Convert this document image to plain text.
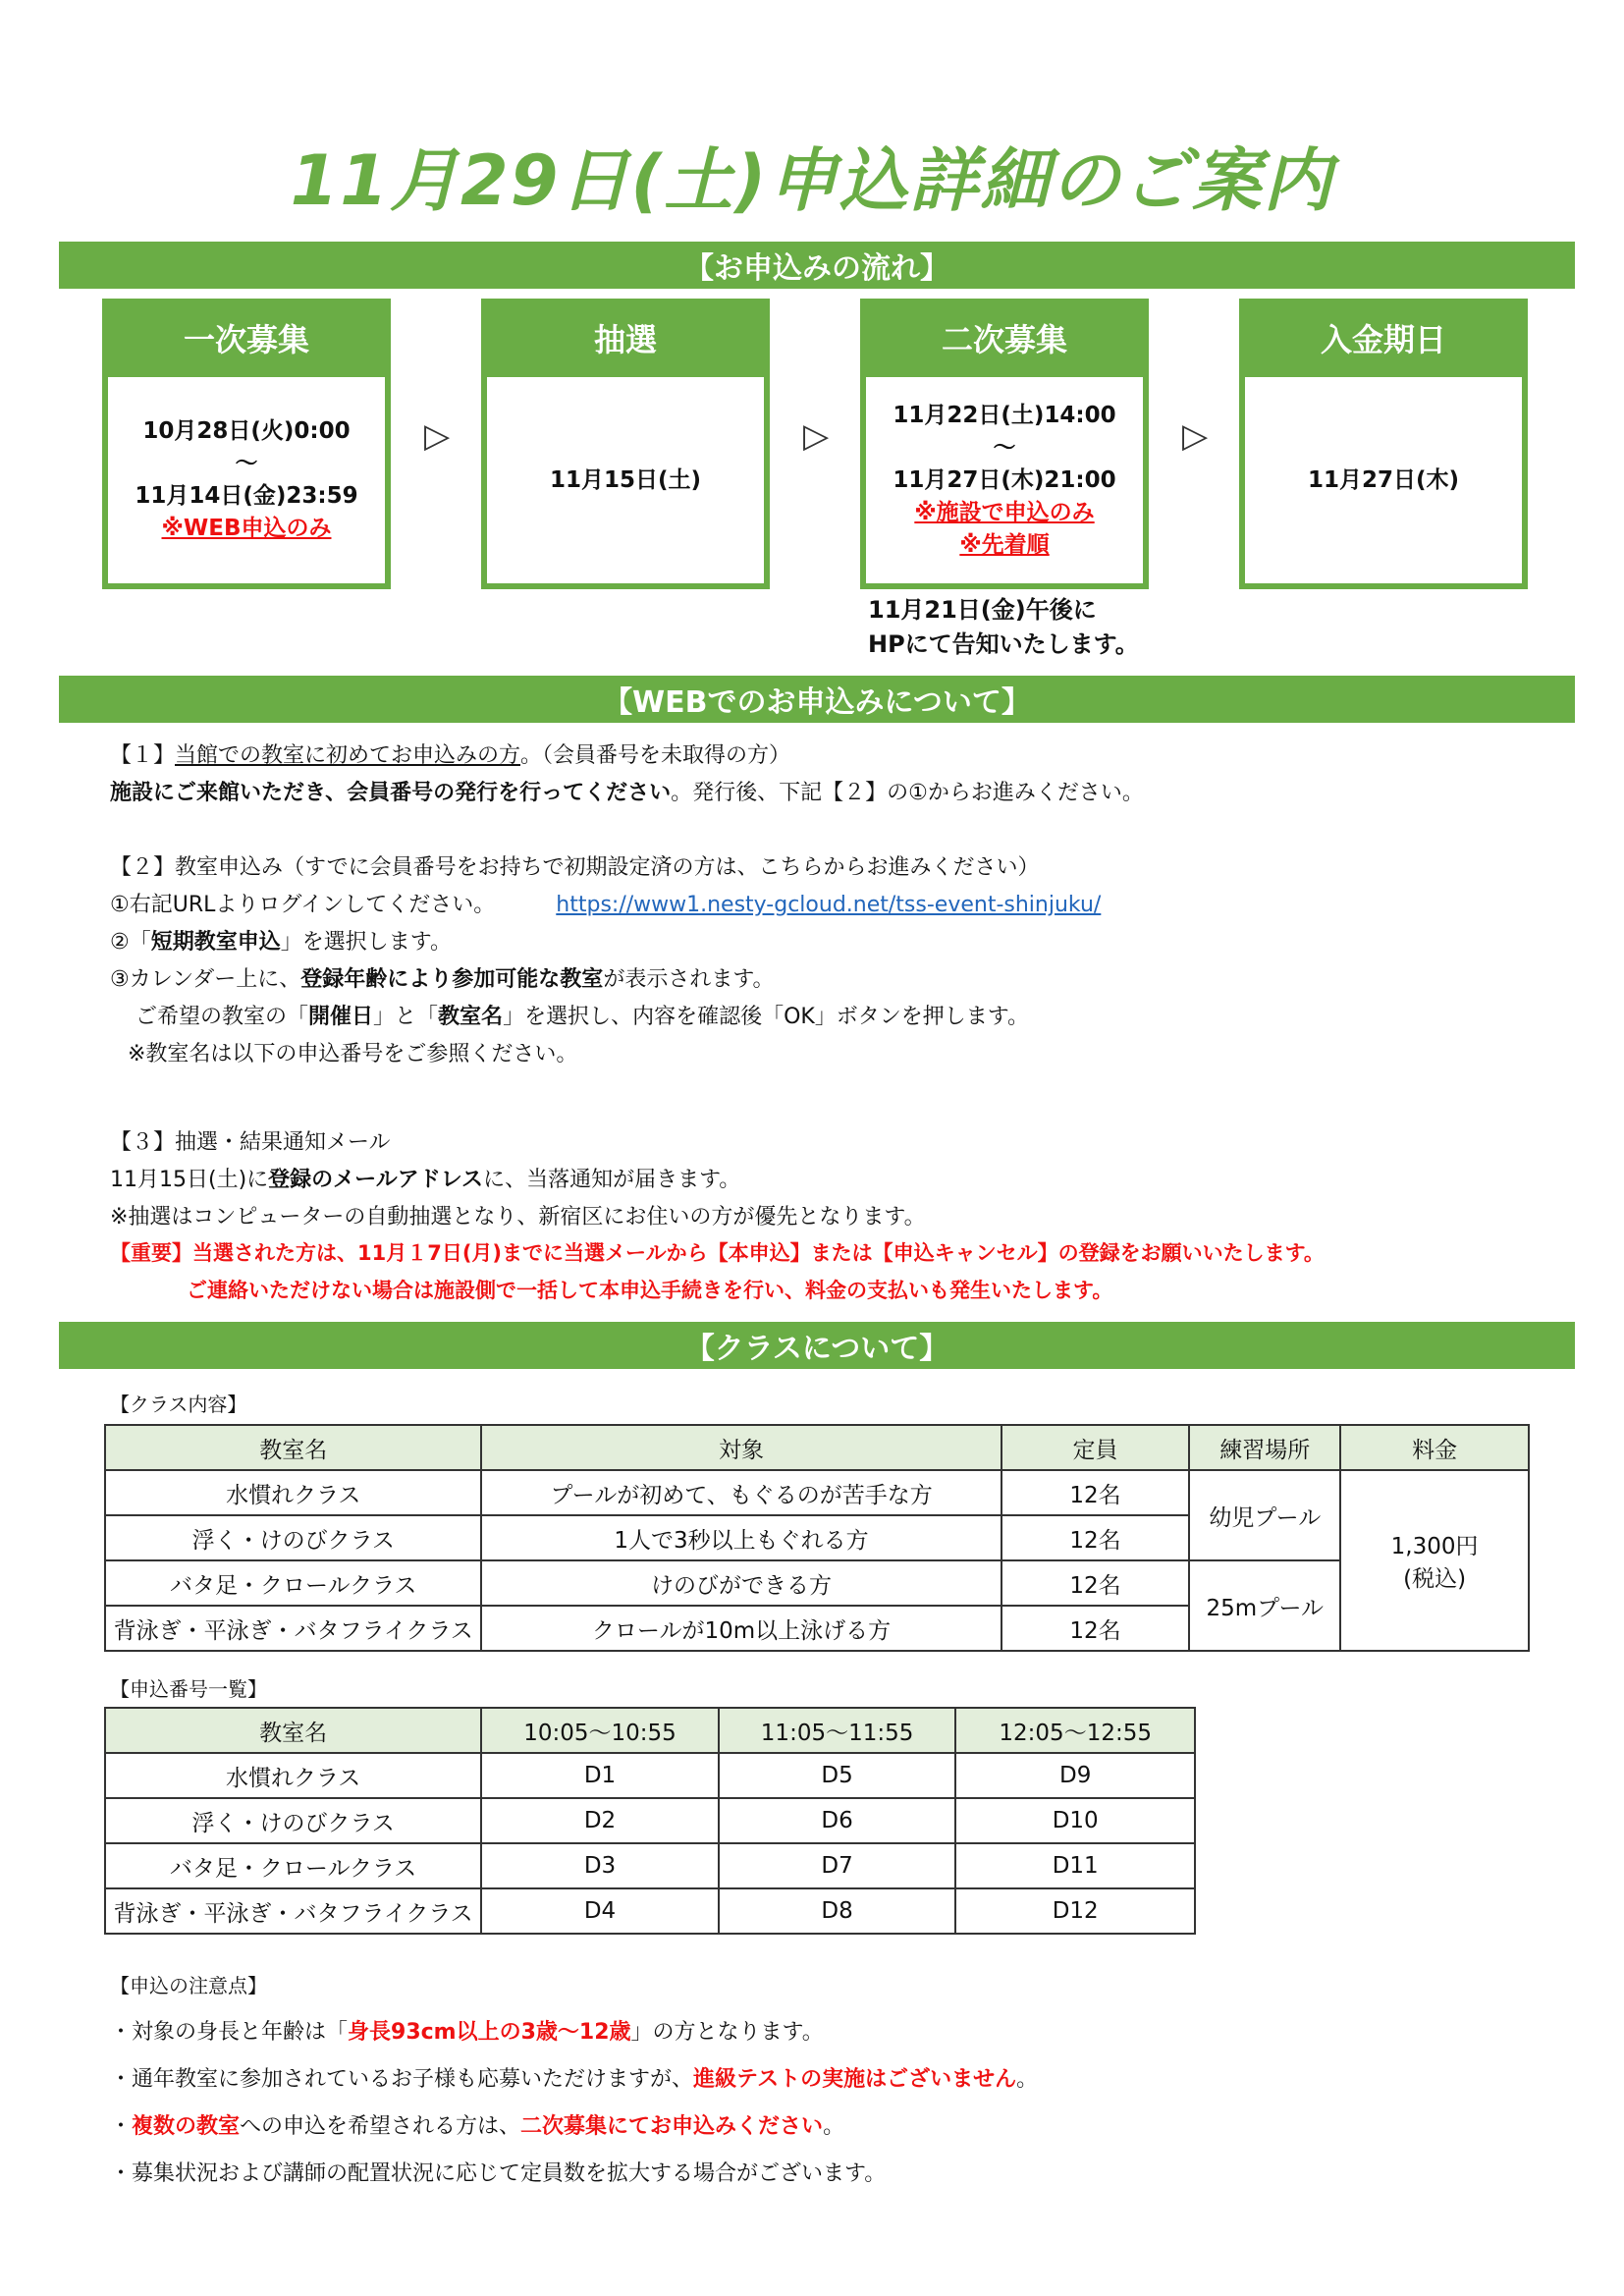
11月29日(土)申込詳細のご案内
【お申込みの流れ】
一次募集
10月28日(火)0:00
～
11月14日(金)23:59
※WEB申込のみ
▷
抽選
11月15日(土)
▷
二次募集
11月22日(土)14:00
～
11月27日(木)21:00
※施設で申込のみ
※先着順
▷
入金期日
11月27日(木)
11月21日(金)午後に
HPにて告知いたします。
【WEBでのお申込みについて】
【１】当館での教室に初めてお申込みの方。（会員番号を未取得の方）
施設にご来館いただき、会員番号の発行を行ってください。発行後、下記【２】の①からお進みください。
【２】教室申込み（すでに会員番号をお持ちで初期設定済の方は、こちらからお進みください）
①右記URLよりログインしてください。	https://www1.nesty-gcloud.net/tss-event-shinjuku/
②「短期教室申込」を選択します。
③カレンダー上に、登録年齢により参加可能な教室が表示されます。
ご希望の教室の「開催日」と「教室名」を選択し、内容を確認後「OK」ボタンを押します。
※教室名は以下の申込番号をご参照ください。
【３】抽選・結果通知メール
11月15日(土)に登録のメールアドレスに、当落通知が届きます。
※抽選はコンピューターの自動抽選となり、新宿区にお住いの方が優先となります。
【重要】当選された方は、11月１7日(月)までに当選メールから【本申込】または【申込キャンセル】の登録をお願いいたします。
ご連絡いただけない場合は施設側で一括して本申込手続きを行い、料金の支払いも発生いたします。
【クラスについて】
【クラス内容】
教室名	対象	定員	練習場所	料金
水慣れクラス	プールが初めて、もぐるのが苦手な方	12名	幼児プール	1,300円
(税込)

浮く・けのびクラス	1人で3秒以上もぐれる方	12名		
バタ足・クロールクラス	けのびができる方	12名	25mプール	
背泳ぎ・平泳ぎ・バタフライクラス	クロールが10m以上泳げる方	12名		
【申込番号一覧】
教室名	10:05～10:55	11:05～11:55	12:05～12:55
水慣れクラス	D1	D5	D9
浮く・けのびクラス	D2	D6	D10
バタ足・クロールクラス	D3	D7	D11
背泳ぎ・平泳ぎ・バタフライクラス	D4	D8	D12
【申込の注意点】
・対象の身長と年齢は「身長93cm以上の3歳～12歳」の方となります。
・通年教室に参加されているお子様も応募いただけますが、進級テストの実施はございません。
・複数の教室への申込を希望される方は、二次募集にてお申込みください。
・募集状況および講師の配置状況に応じて定員数を拡大する場合がございます。
